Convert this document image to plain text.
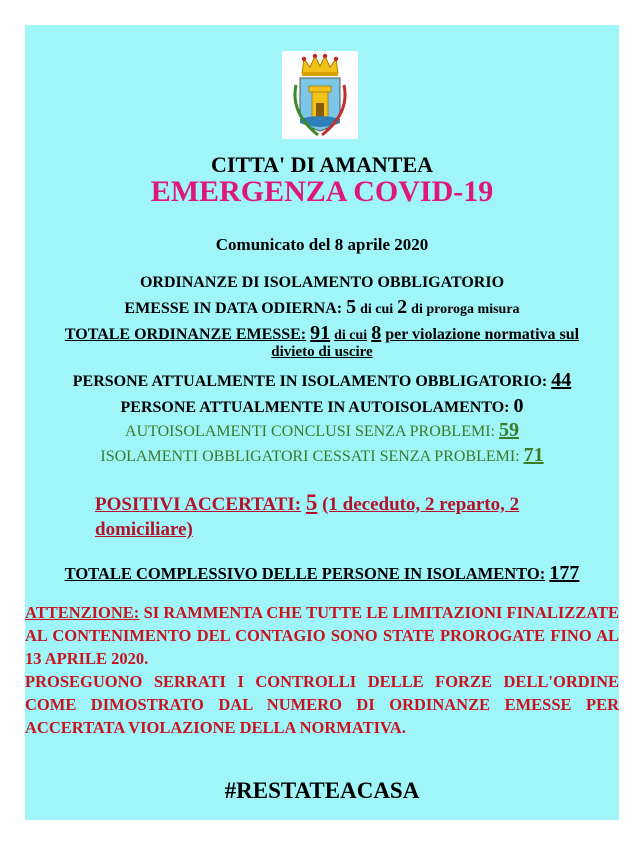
CITTA' DI AMANTEA
EMERGENZA COVID-19
Comunicato del 8 aprile 2020
ORDINANZE DI ISOLAMENTO OBBLIGATORIO
EMESSE IN DATA ODIERNA: 5 di cui 2 di proroga misura
TOTALE ORDINANZE EMESSE: 91 di cui 8 per violazione normativa sul
divieto di uscire
PERSONE ATTUALMENTE IN ISOLAMENTO OBBLIGATORIO: 44
PERSONE ATTUALMENTE IN AUTOISOLAMENTO: 0
AUTOISOLAMENTI CONCLUSI SENZA PROBLEMI: 59
ISOLAMENTI OBBLIGATORI CESSATI SENZA PROBLEMI: 71
POSITIVI ACCERTATI: 5 (1 deceduto, 2 reparto, 2 domiciliare)
TOTALE COMPLESSIVO DELLE PERSONE IN ISOLAMENTO: 177
ATTENZIONE: SI RAMMENTA CHE TUTTE LE LIMITAZIONI FINALIZZATE AL CONTENIMENTO DEL CONTAGIO SONO STATE PROROGATE FINO AL 13 APRILE 2020.
PROSEGUONO SERRATI I CONTROLLI DELLE FORZE DELL'ORDINE COME DIMOSTRATO DAL NUMERO DI ORDINANZE EMESSE PER ACCERTATA VIOLAZIONE DELLA NORMATIVA.
#RESTATEACASA
